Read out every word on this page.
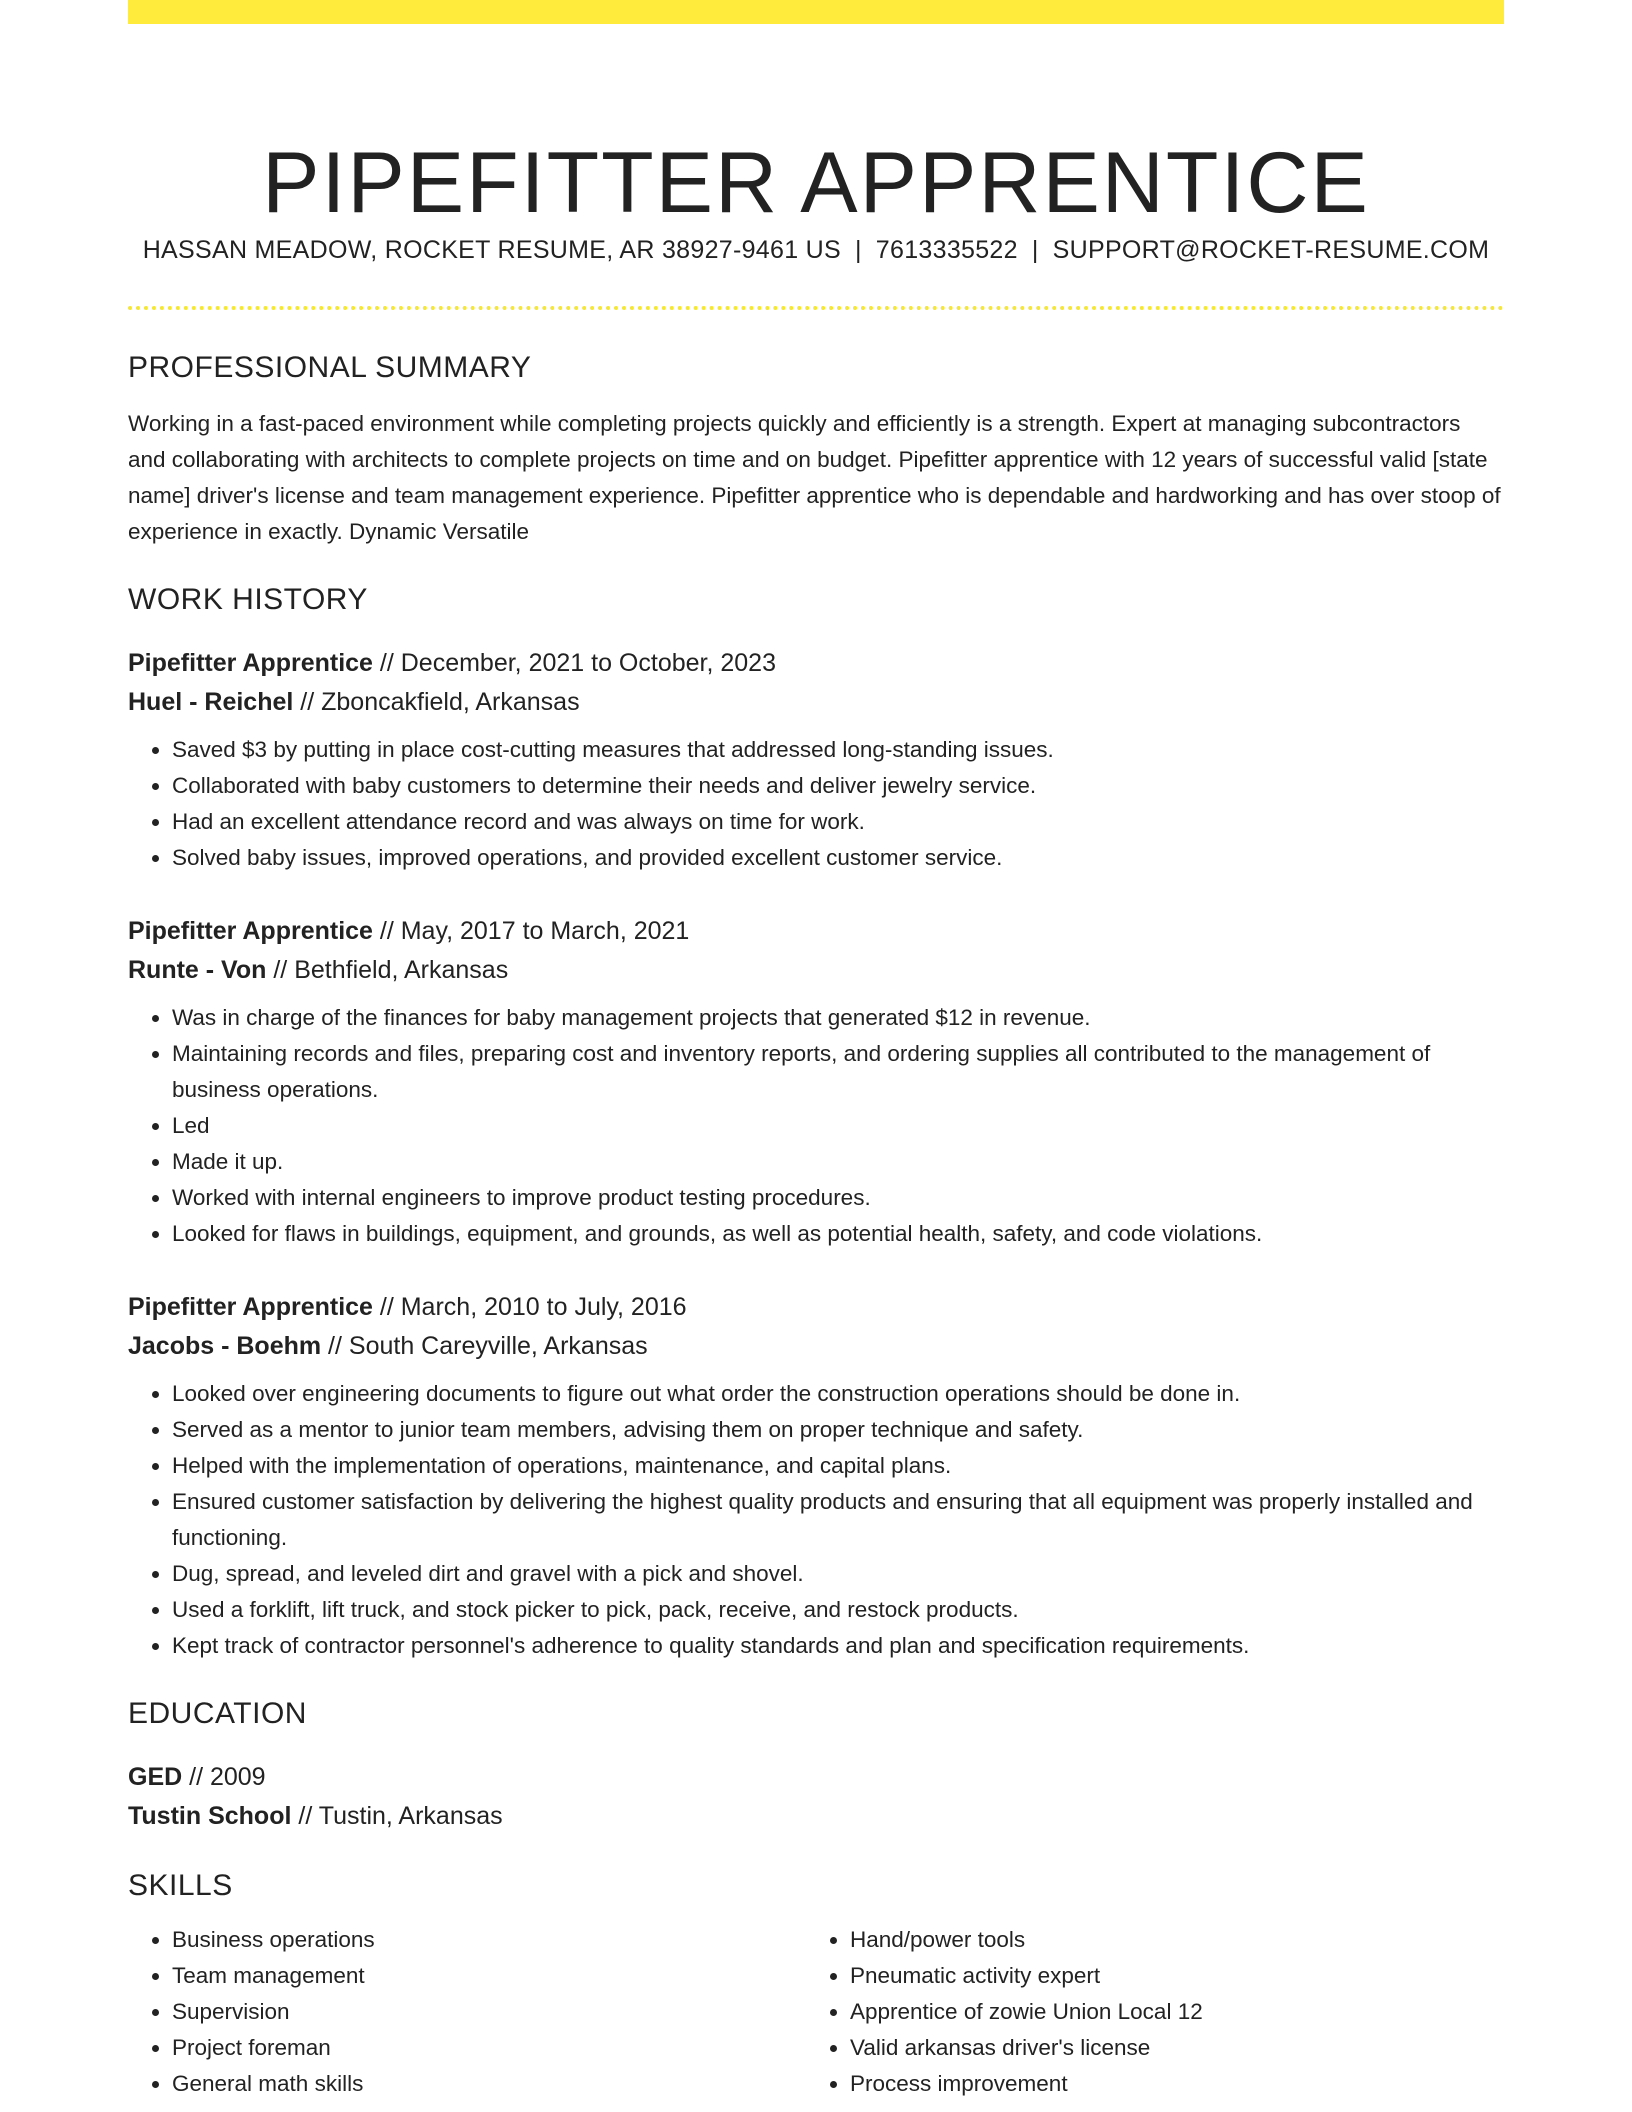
PIPEFITTER APPRENTICE
HASSAN MEADOW, ROCKET RESUME, AR 38927-9461 US | 7613335522 | SUPPORT@ROCKET-RESUME.COM
PROFESSIONAL SUMMARY

Working in a fast-paced environment while completing projects quickly and efficiently is a strength. Expert at managing subcontractors and collaborating with architects to complete projects on time and on budget. Pipefitter apprentice with 12 years of successful valid [state name] driver's license and team management experience. Pipefitter apprentice who is dependable and hardworking and has over stoop of experience in exactly. Dynamic Versatile

WORK HISTORY
Pipefitter Apprentice // December, 2021 to October, 2023
Huel - Reichel // Zboncakfield, Arkansas
• Saved $3 by putting in place cost-cutting measures that addressed long-standing issues.
• Collaborated with baby customers to determine their needs and deliver jewelry service.
• Had an excellent attendance record and was always on time for work.
• Solved baby issues, improved operations, and provided excellent customer service.
Pipefitter Apprentice // May, 2017 to March, 2021
Runte - Von // Bethfield, Arkansas
• Was in charge of the finances for baby management projects that generated $12 in revenue.
• Maintaining records and files, preparing cost and inventory reports, and ordering supplies all contributed to the management of business operations.
• Led
• Made it up.
• Worked with internal engineers to improve product testing procedures.
• Looked for flaws in buildings, equipment, and grounds, as well as potential health, safety, and code violations.
Pipefitter Apprentice // March, 2010 to July, 2016
Jacobs - Boehm // South Careyville, Arkansas
• Looked over engineering documents to figure out what order the construction operations should be done in.
• Served as a mentor to junior team members, advising them on proper technique and safety.
• Helped with the implementation of operations, maintenance, and capital plans.
• Ensured customer satisfaction by delivering the highest quality products and ensuring that all equipment was properly installed and functioning.
• Dug, spread, and leveled dirt and gravel with a pick and shovel.
• Used a forklift, lift truck, and stock picker to pick, pack, receive, and restock products.
• Kept track of contractor personnel's adherence to quality standards and plan and specification requirements.
EDUCATION
GED // 2009
Tustin School // Tustin, Arkansas
SKILLS
• Business operations
• Team management
• Supervision
• Project foreman
• General math skills
• Hand/power tools
• Pneumatic activity expert
• Apprentice of zowie Union Local 12
• Valid arkansas driver's license
• Process improvement
